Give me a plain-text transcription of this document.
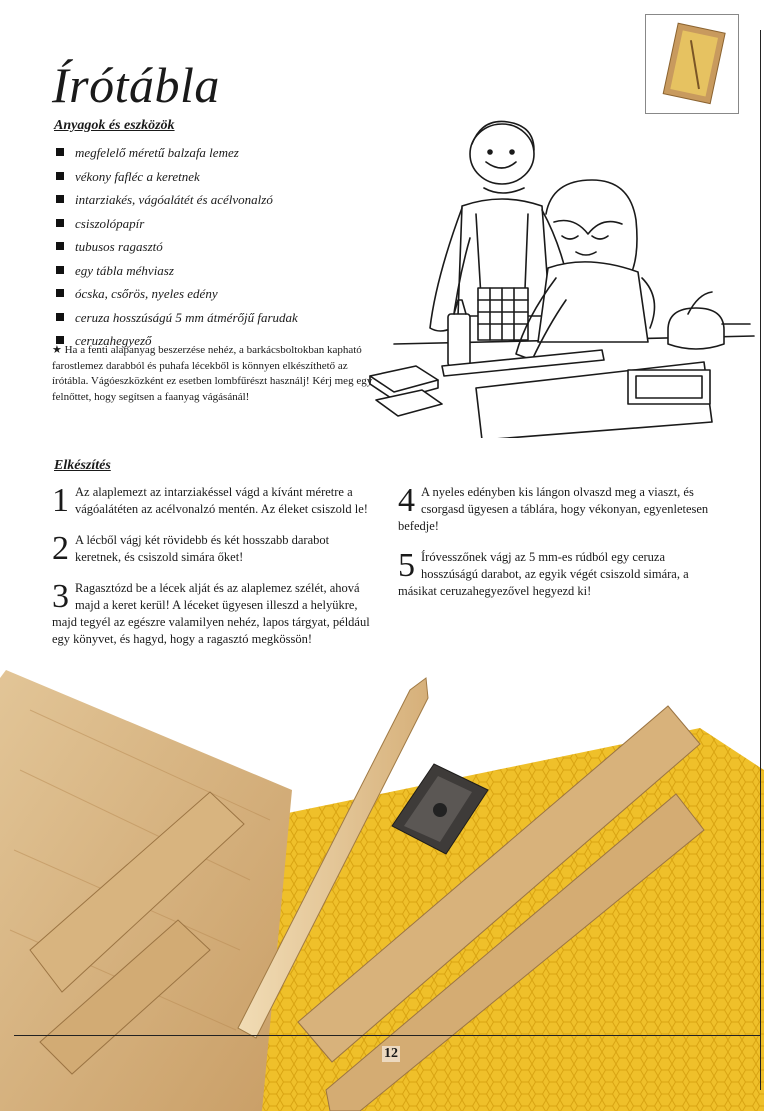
Írótábla
Anyagok és eszközök
megfelelő méretű balzafa lemez
vékony fafléc a keretnek
intarziakés, vágóalátét és acélvonalzó
csiszolópapír
tubusos ragasztó
egy tábla méhviasz
ócska, csőrös, nyeles edény
ceruza hosszúságú 5 mm átmérőjű farudak
ceruzahegyező

★ Ha a fenti alapanyag beszerzése nehéz, a barkácsboltokban kapható farostlemez darabból és puhafa lécekből is könnyen elkészíthető az írótábla. Vágóeszközként ez esetben lombfűrészt használj! Kérj meg egy felnőttet, hogy segítsen a faanyag vágásánál!

Elkészítés

1 Az alaplemezt az intarziakéssel vágd a kívánt méretre a vágóalátéten az acélvonalzó mentén. Az éleket csiszold le!

2 A lécből vágj két rövidebb és két hosszabb darabot keretnek, és csiszold simára őket!

3 Ragasztózd be a lécek alját és az alaplemez szélét, ahová majd a keret kerül! A léceket ügyesen illeszd a helyükre, majd tegyél az egészre valamilyen nehéz, lapos tárgyat, például egy könyvet, és hagyd, hogy a ragasztó megkössön!

4 A nyeles edényben kis lángon olvaszd meg a viaszt, és csorgasd ügyesen a táblára, hogy vékonyan, egyenletesen befedje!

5 Íróvesszőnek vágj az 5 mm-es rúdból egy ceruza hosszúságú darabot, az egyik végét csiszold simára, a másikat ceruzahegyezővel hegyezd ki!

12
